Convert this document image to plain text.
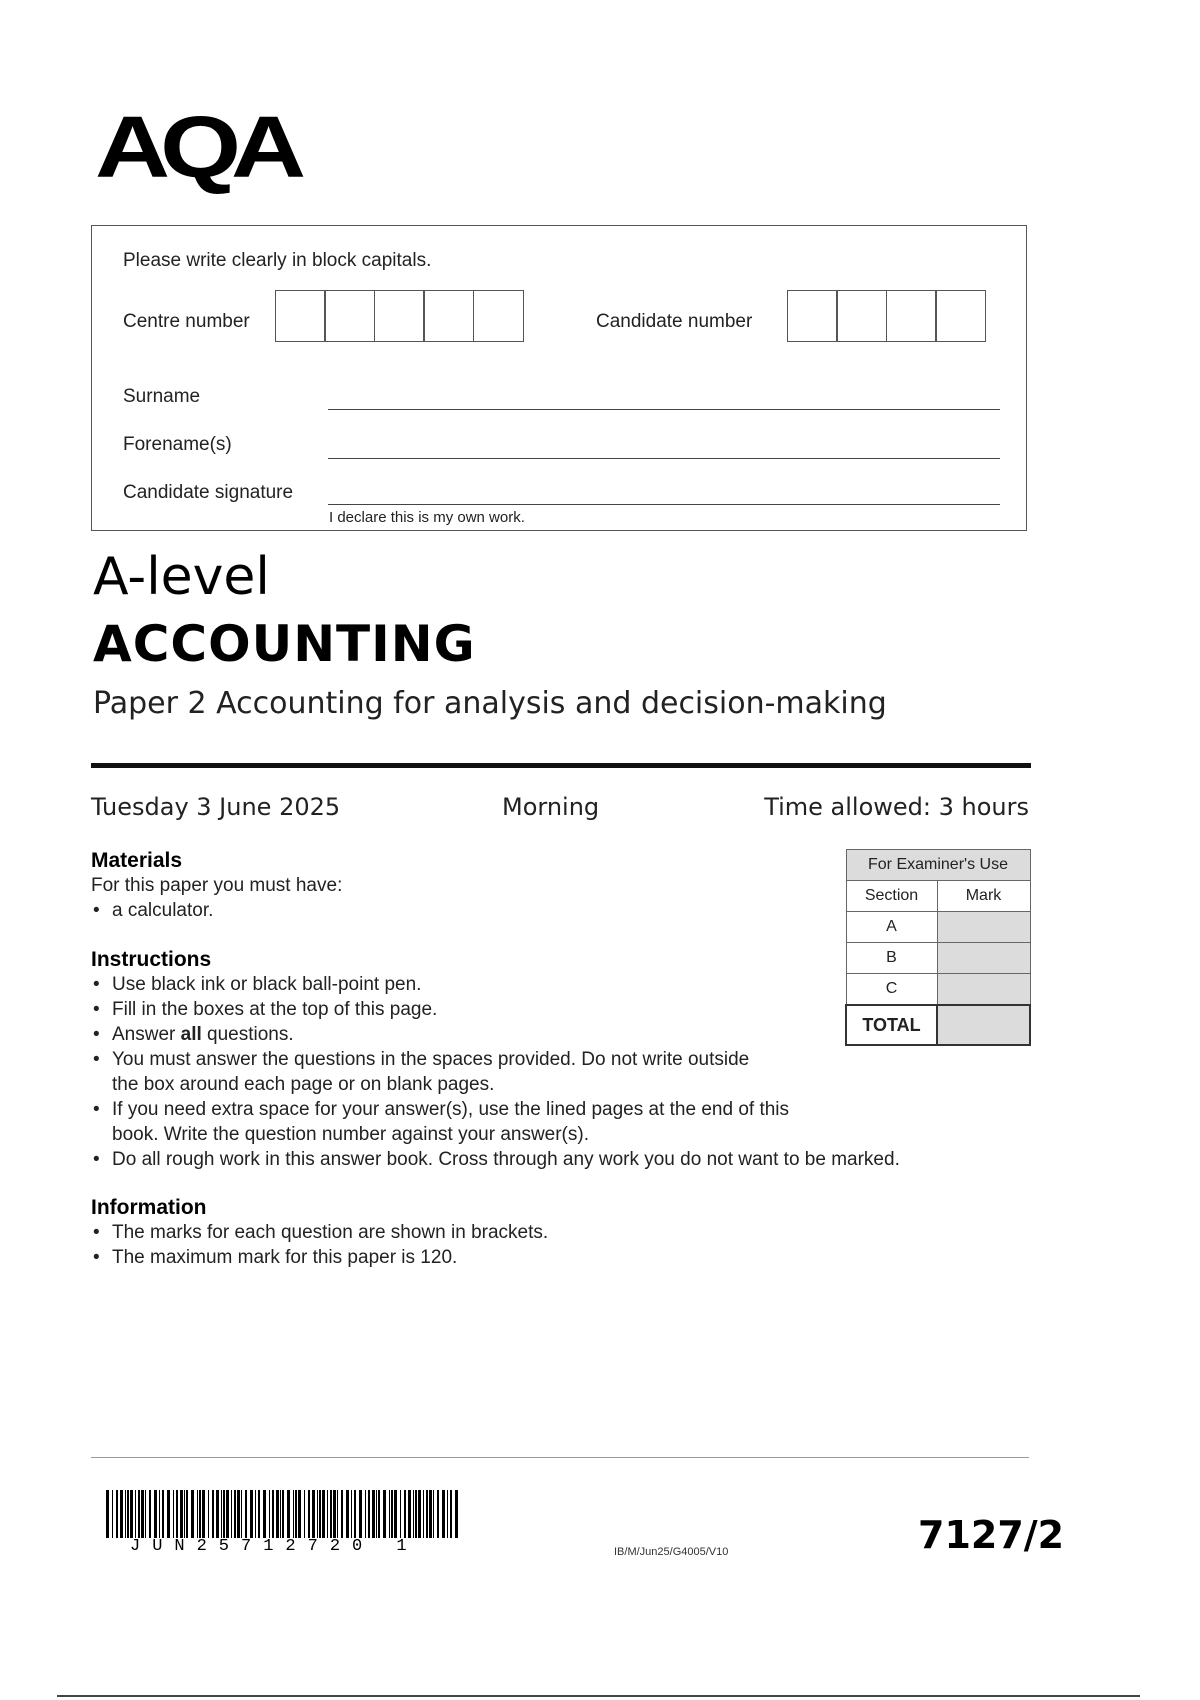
AQA
Please write clearly in block capitals.
Centre number	Candidate number
Surname
Forename(s)
Candidate signature
I declare this is my own work.
A-level
ACCOUNTING
Paper 2 Accounting for analysis and decision-making
Tuesday 3 June 2025	Morning	Time allowed: 3 hours
Materials
For this paper you must have:
• a calculator.
Instructions
• Use black ink or black ball-point pen.
• Fill in the boxes at the top of this page.
• Answer all questions.
• You must answer the questions in the spaces provided. Do not write outside the box around each page or on blank pages.
• If you need extra space for your answer(s), use the lined pages at the end of this book. Write the question number against your answer(s).
• Do all rough work in this answer book. Cross through any work you do not want to be marked.
Information
• The marks for each question are shown in brackets.
• The maximum mark for this paper is 120.
For Examiner's Use	
Section	Mark
A	
B	
C	
TOTAL	
JUN25712720 1	IB/M/Jun25/G4005/V10	7127/2
